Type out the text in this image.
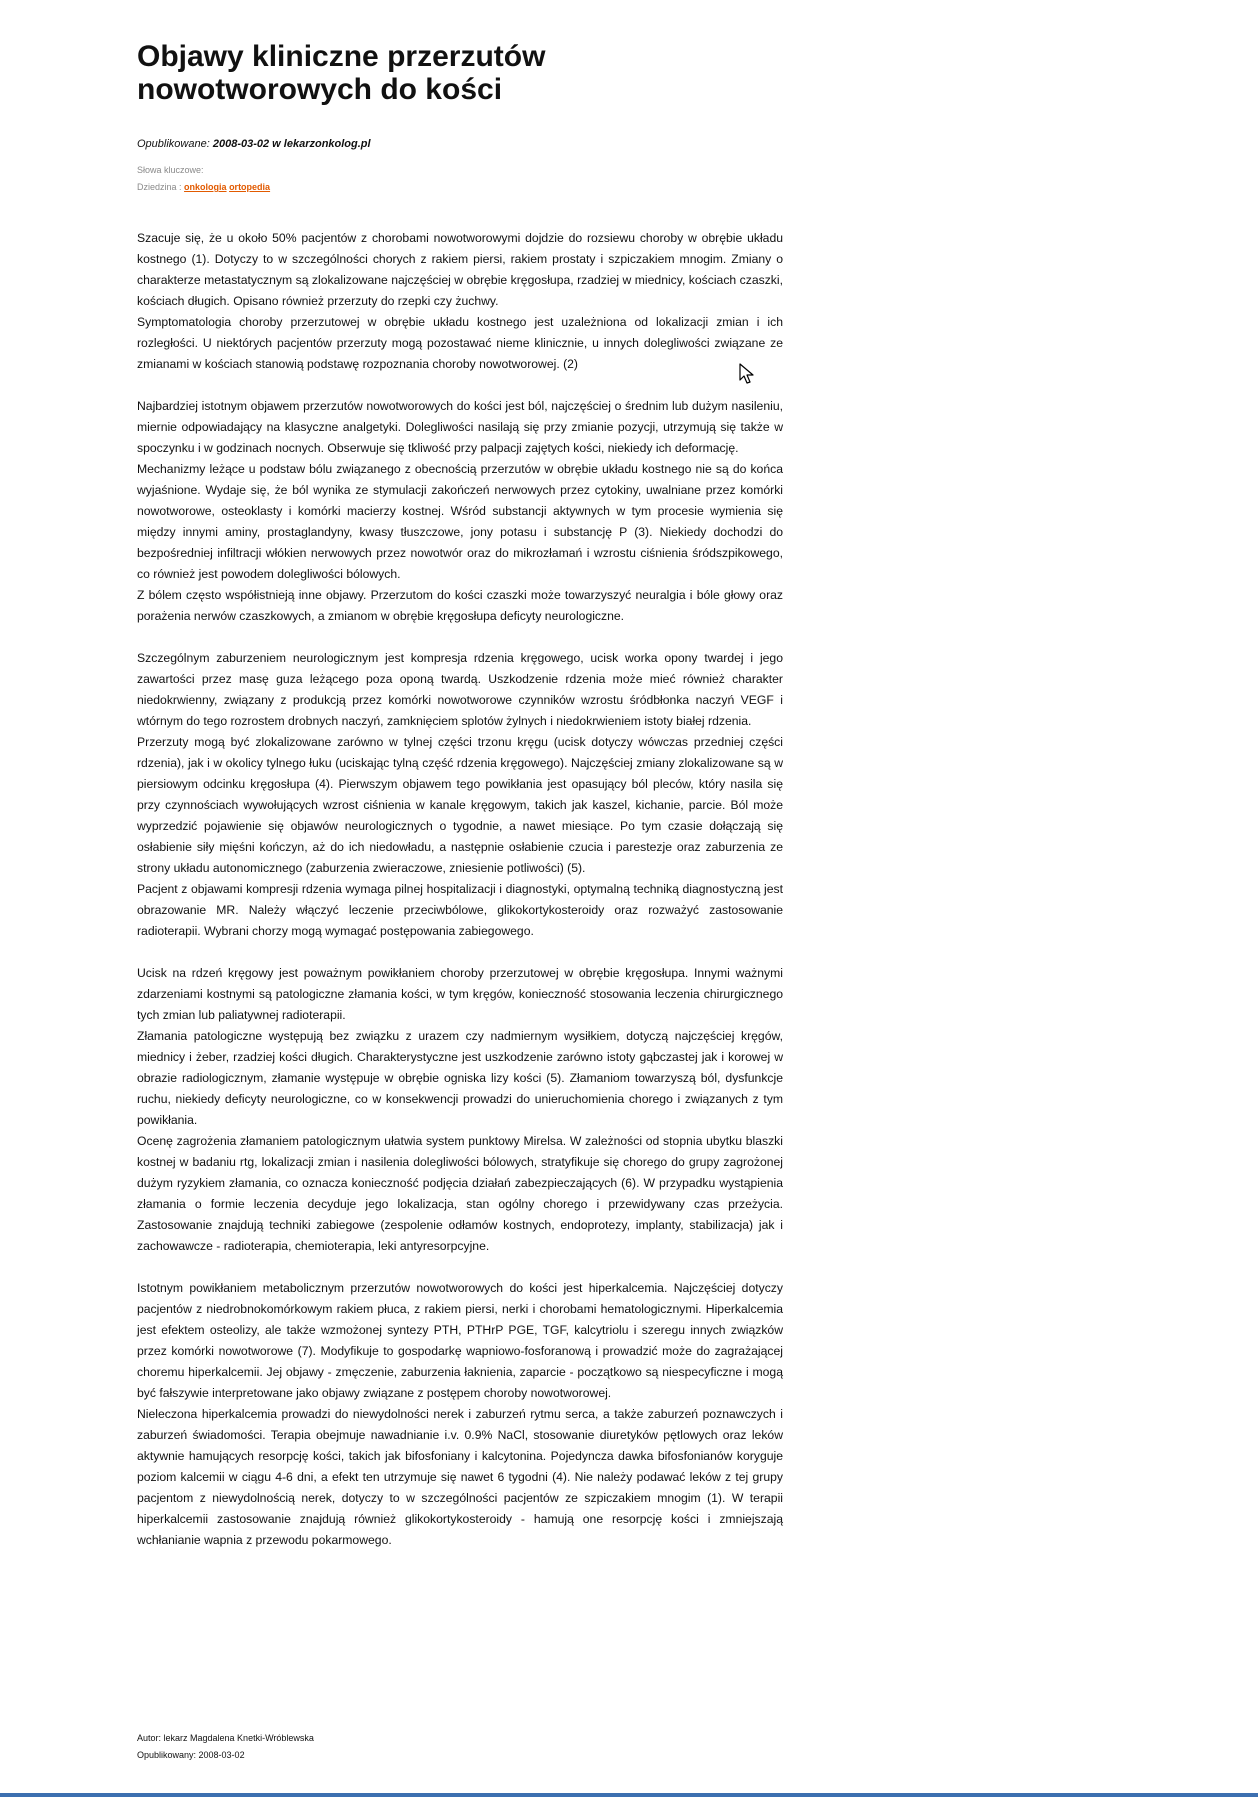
Objawy kliniczne przerzutów
nowotworowych do kości
Opublikowane: 2008-03-02 w lekarzonkolog.pl
Słowa kluczowe:
Dziedzina : onkologia ortopedia

Szacuje się, że u około 50% pacjentów z chorobami nowotworowymi dojdzie do rozsiewu choroby w obrębie układu kostnego (1). Dotyczy to w szczególności chorych z rakiem piersi, rakiem prostaty i szpiczakiem mnogim. Zmiany o charakterze metastatycznym są zlokalizowane najczęściej w obrębie kręgosłupa, rzadziej w miednicy, kościach czaszki, kościach długich. Opisano również przerzuty do rzepki czy żuchwy.

Symptomatologia choroby przerzutowej w obrębie układu kostnego jest uzależniona od lokalizacji zmian i ich rozległości. U niektórych pacjentów przerzuty mogą pozostawać nieme klinicznie, u innych dolegliwości związane ze zmianami w kościach stanowią podstawę rozpoznania choroby nowotworowej. (2)

Najbardziej istotnym objawem przerzutów nowotworowych do kości jest ból, najczęściej o średnim lub dużym nasileniu, miernie odpowiadający na klasyczne analgetyki. Dolegliwości nasilają się przy zmianie pozycji, utrzymują się także w spoczynku i w godzinach nocnych. Obserwuje się tkliwość przy palpacji zajętych kości, niekiedy ich deformację.

Mechanizmy leżące u podstaw bólu związanego z obecnością przerzutów w obrębie układu kostnego nie są do końca wyjaśnione. Wydaje się, że ból wynika ze stymulacji zakończeń nerwowych przez cytokiny, uwalniane przez komórki nowotworowe, osteoklasty i komórki macierzy kostnej. Wśród substancji aktywnych w tym procesie wymienia się między innymi aminy, prostaglandyny, kwasy tłuszczowe, jony potasu i substancję P (3). Niekiedy dochodzi do bezpośredniej infiltracji włókien nerwowych przez nowotwór oraz do mikrozłamań i wzrostu ciśnienia śródszpikowego, co również jest powodem dolegliwości bólowych.

Z bólem często współistnieją inne objawy. Przerzutom do kości czaszki może towarzyszyć neuralgia i bóle głowy oraz porażenia nerwów czaszkowych, a zmianom w obrębie kręgosłupa deficyty neurologiczne.

Szczególnym zaburzeniem neurologicznym jest kompresja rdzenia kręgowego, ucisk worka opony twardej i jego zawartości przez masę guza leżącego poza oponą twardą. Uszkodzenie rdzenia może mieć również charakter niedokrwienny, związany z produkcją przez komórki nowotworowe czynników wzrostu śródbłonka naczyń VEGF i wtórnym do tego rozrostem drobnych naczyń, zamknięciem splotów żylnych i niedokrwieniem istoty białej rdzenia.

Przerzuty mogą być zlokalizowane zarówno w tylnej części trzonu kręgu (ucisk dotyczy wówczas przedniej części rdzenia), jak i w okolicy tylnego łuku (uciskając tylną część rdzenia kręgowego). Najczęściej zmiany zlokalizowane są w piersiowym odcinku kręgosłupa (4). Pierwszym objawem tego powikłania jest opasujący ból pleców, który nasila się przy czynnościach wywołujących wzrost ciśnienia w kanale kręgowym, takich jak kaszel, kichanie, parcie. Ból może wyprzedzić pojawienie się objawów neurologicznych o tygodnie, a nawet miesiące. Po tym czasie dołączają się osłabienie siły mięśni kończyn, aż do ich niedowładu, a następnie osłabienie czucia i parestezje oraz zaburzenia ze strony układu autonomicznego (zaburzenia zwieraczowe, zniesienie potliwości) (5).

Pacjent z objawami kompresji rdzenia wymaga pilnej hospitalizacji i diagnostyki, optymalną techniką diagnostyczną jest obrazowanie MR. Należy włączyć leczenie przeciwbólowe, glikokortykosteroidy oraz rozważyć zastosowanie radioterapii. Wybrani chorzy mogą wymagać postępowania zabiegowego.

Ucisk na rdzeń kręgowy jest poważnym powikłaniem choroby przerzutowej w obrębie kręgosłupa. Innymi ważnymi zdarzeniami kostnymi są patologiczne złamania kości, w tym kręgów, konieczność stosowania leczenia chirurgicznego tych zmian lub paliatywnej radioterapii.

Złamania patologiczne występują bez związku z urazem czy nadmiernym wysiłkiem, dotyczą najczęściej kręgów, miednicy i żeber, rzadziej kości długich. Charakterystyczne jest uszkodzenie zarówno istoty gąbczastej jak i korowej w obrazie radiologicznym, złamanie występuje w obrębie ogniska lizy kości (5). Złamaniom towarzyszą ból, dysfunkcje ruchu, niekiedy deficyty neurologiczne, co w konsekwencji prowadzi do unieruchomienia chorego i związanych z tym powikłania.

Ocenę zagrożenia złamaniem patologicznym ułatwia system punktowy Mirelsa. W zależności od stopnia ubytku blaszki kostnej w badaniu rtg, lokalizacji zmian i nasilenia dolegliwości bólowych, stratyfikuje się chorego do grupy zagrożonej dużym ryzykiem złamania, co oznacza konieczność podjęcia działań zabezpieczających (6). W przypadku wystąpienia złamania o formie leczenia decyduje jego lokalizacja, stan ogólny chorego i przewidywany czas przeżycia. Zastosowanie znajdują techniki zabiegowe (zespolenie odłamów kostnych, endoprotezy, implanty, stabilizacja) jak i zachowawcze - radioterapia, chemioterapia, leki antyresorpcyjne.

Istotnym powikłaniem metabolicznym przerzutów nowotworowych do kości jest hiperkalcemia. Najczęściej dotyczy pacjentów z niedrobnokomórkowym rakiem płuca, z rakiem piersi, nerki i chorobami hematologicznymi. Hiperkalcemia jest efektem osteolizy, ale także wzmożonej syntezy PTH, PTHrP PGE, TGF, kalcytriolu i szeregu innych związków przez komórki nowotworowe (7). Modyfikuje to gospodarkę wapniowo-fosforanową i prowadzić może do zagrażającej choremu hiperkalcemii. Jej objawy - zmęczenie, zaburzenia łaknienia, zaparcie - początkowo są niespecyficzne i mogą być fałszywie interpretowane jako objawy związane z postępem choroby nowotworowej.

Nieleczona hiperkalcemia prowadzi do niewydolności nerek i zaburzeń rytmu serca, a także zaburzeń poznawczych i zaburzeń świadomości. Terapia obejmuje nawadnianie i.v. 0.9% NaCl, stosowanie diuretyków pętlowych oraz leków aktywnie hamujących resorpcję kości, takich jak bifosfoniany i kalcytonina. Pojedyncza dawka bifosfonianów koryguje poziom kalcemii w ciągu 4-6 dni, a efekt ten utrzymuje się nawet 6 tygodni (4). Nie należy podawać leków z tej grupy pacjentom z niewydolnością nerek, dotyczy to w szczególności pacjentów ze szpiczakiem mnogim (1). W terapii hiperkalcemii zastosowanie znajdują również glikokortykosteroidy - hamują one resorpcję kości i zmniejszają wchłanianie wapnia z przewodu pokarmowego.

Autor: lekarz Magdalena Knetki-Wróblewska
Opublikowany: 2008-03-02
